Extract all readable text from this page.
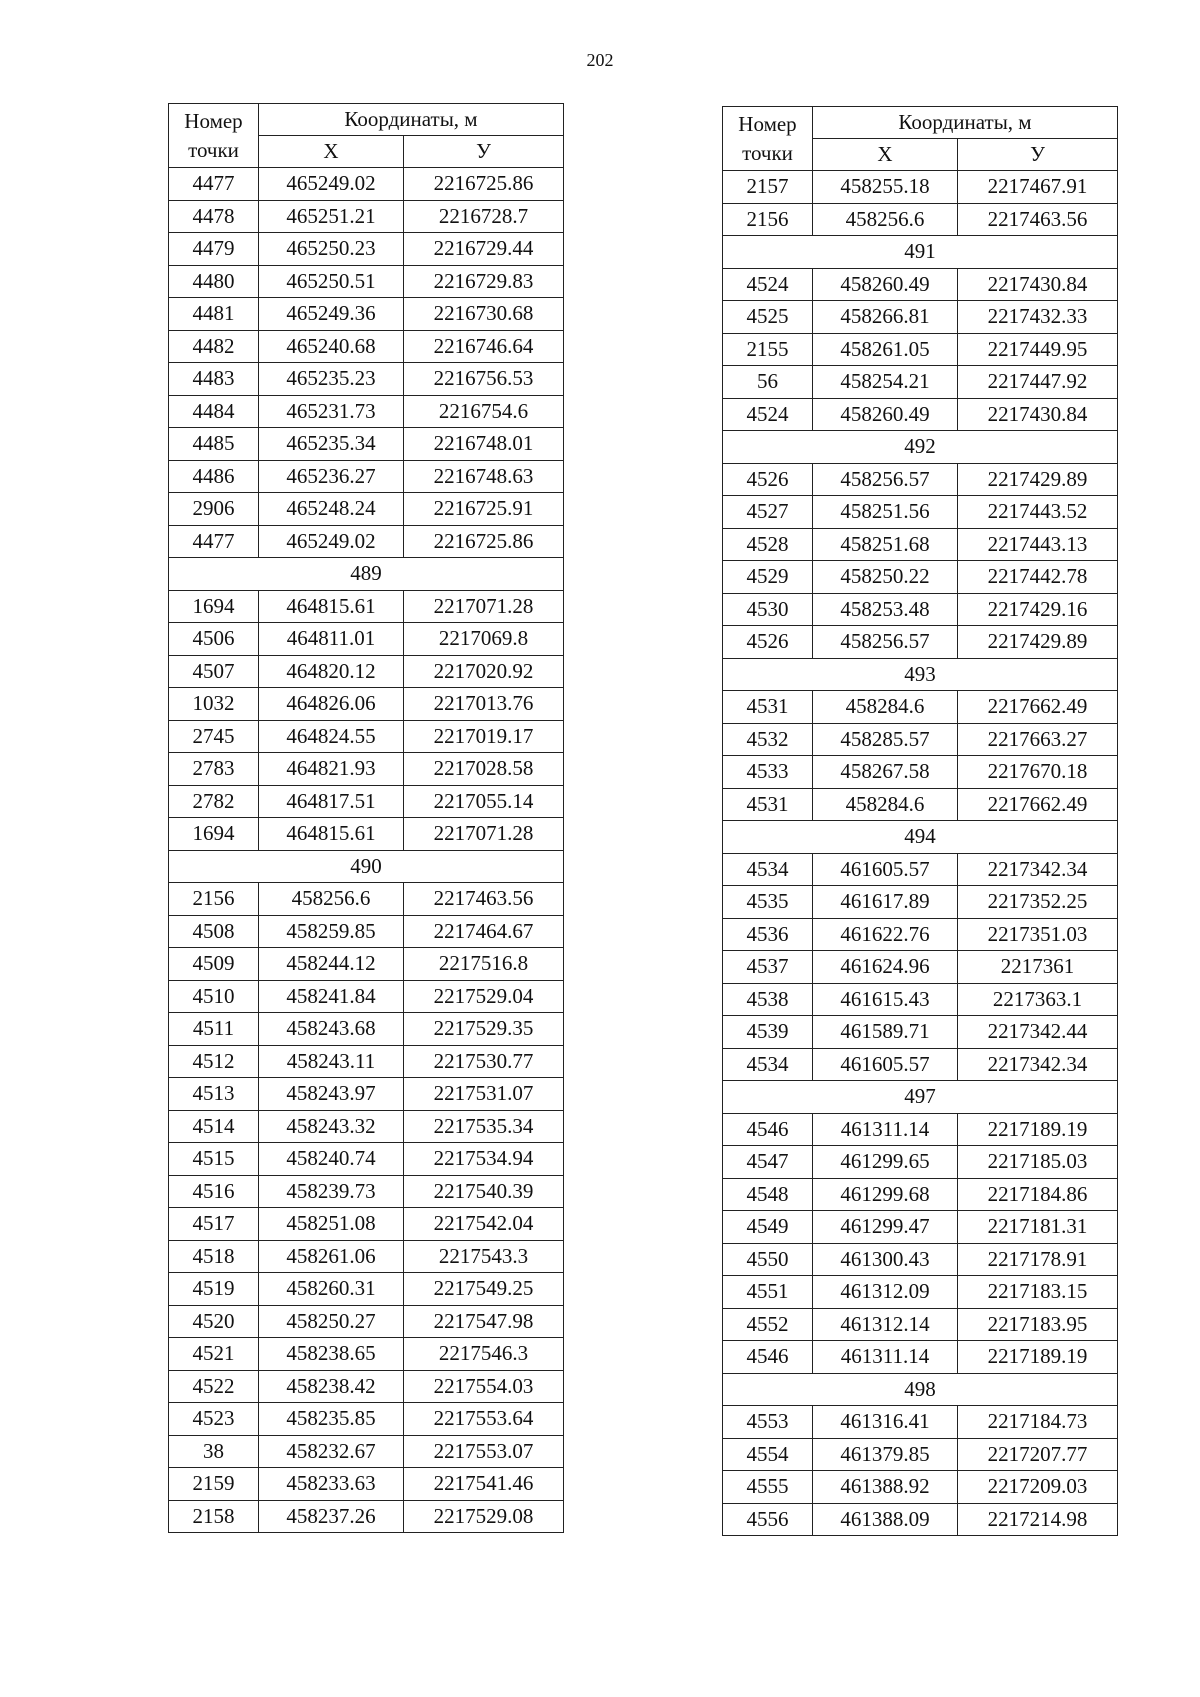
202
Номер
точки	Координаты, м	
	Х	У
4477	465249.02	2216725.86
4478	465251.21	2216728.7
4479	465250.23	2216729.44
4480	465250.51	2216729.83
4481	465249.36	2216730.68
4482	465240.68	2216746.64
4483	465235.23	2216756.53
4484	465231.73	2216754.6
4485	465235.34	2216748.01
4486	465236.27	2216748.63
2906	465248.24	2216725.91
4477	465249.02	2216725.86
489		
1694	464815.61	2217071.28
4506	464811.01	2217069.8
4507	464820.12	2217020.92
1032	464826.06	2217013.76
2745	464824.55	2217019.17
2783	464821.93	2217028.58
2782	464817.51	2217055.14
1694	464815.61	2217071.28
490		
2156	458256.6	2217463.56
4508	458259.85	2217464.67
4509	458244.12	2217516.8
4510	458241.84	2217529.04
4511	458243.68	2217529.35
4512	458243.11	2217530.77
4513	458243.97	2217531.07
4514	458243.32	2217535.34
4515	458240.74	2217534.94
4516	458239.73	2217540.39
4517	458251.08	2217542.04
4518	458261.06	2217543.3
4519	458260.31	2217549.25
4520	458250.27	2217547.98
4521	458238.65	2217546.3
4522	458238.42	2217554.03
4523	458235.85	2217553.64
38	458232.67	2217553.07
2159	458233.63	2217541.46
2158	458237.26	2217529.08
Номер
точки	Координаты, м	
	Х	У
2157	458255.18	2217467.91
2156	458256.6	2217463.56
491		
4524	458260.49	2217430.84
4525	458266.81	2217432.33
2155	458261.05	2217449.95
56	458254.21	2217447.92
4524	458260.49	2217430.84
492		
4526	458256.57	2217429.89
4527	458251.56	2217443.52
4528	458251.68	2217443.13
4529	458250.22	2217442.78
4530	458253.48	2217429.16
4526	458256.57	2217429.89
493		
4531	458284.6	2217662.49
4532	458285.57	2217663.27
4533	458267.58	2217670.18
4531	458284.6	2217662.49
494		
4534	461605.57	2217342.34
4535	461617.89	2217352.25
4536	461622.76	2217351.03
4537	461624.96	2217361
4538	461615.43	2217363.1
4539	461589.71	2217342.44
4534	461605.57	2217342.34
497		
4546	461311.14	2217189.19
4547	461299.65	2217185.03
4548	461299.68	2217184.86
4549	461299.47	2217181.31
4550	461300.43	2217178.91
4551	461312.09	2217183.15
4552	461312.14	2217183.95
4546	461311.14	2217189.19
498		
4553	461316.41	2217184.73
4554	461379.85	2217207.77
4555	461388.92	2217209.03
4556	461388.09	2217214.98
